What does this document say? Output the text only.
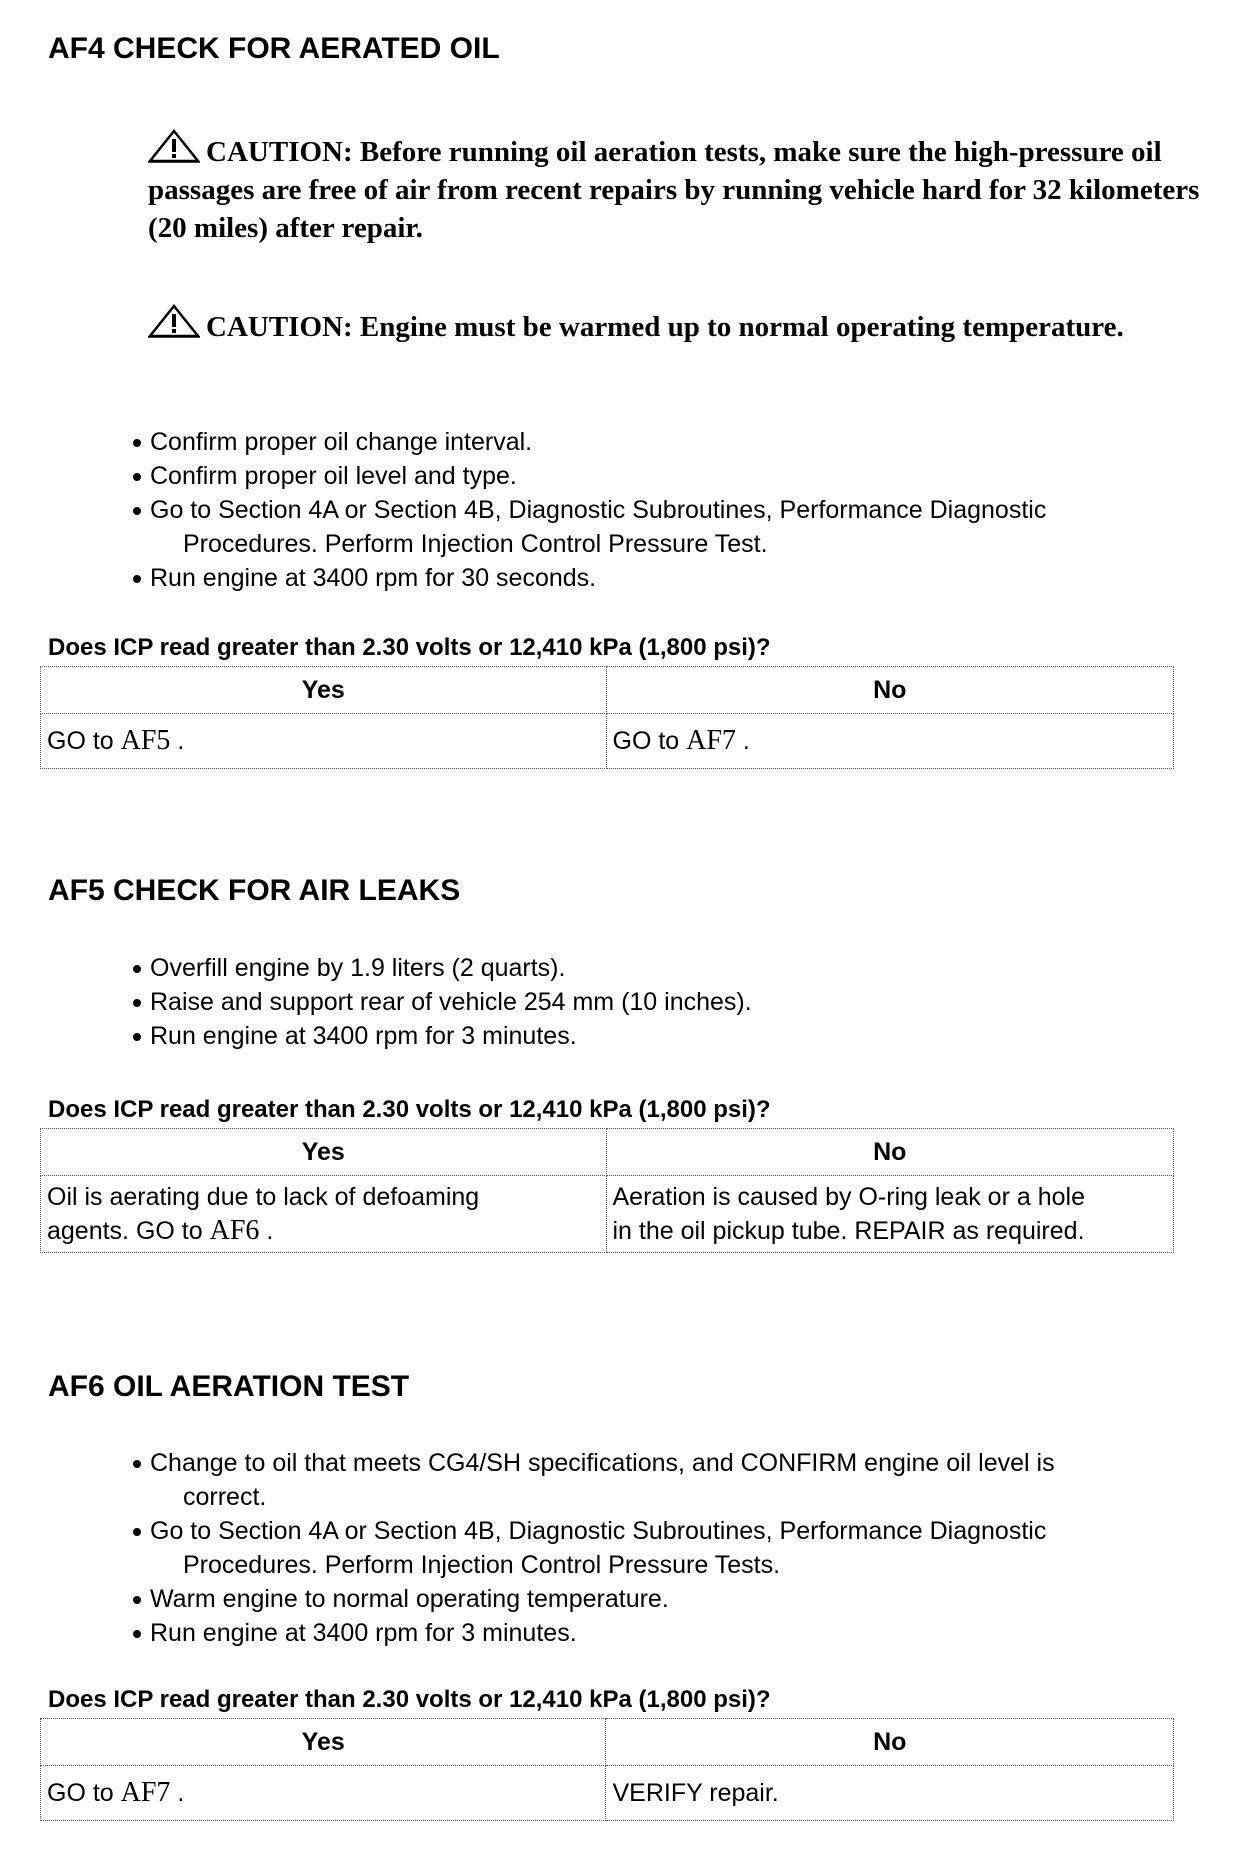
AF4 CHECK FOR AERATED OIL

CAUTION: Before running oil aeration tests, make sure the high-pressure oil passages are free of air from recent repairs by running vehicle hard for 32 kilometers (20 miles) after repair.

CAUTION: Engine must be warmed up to normal operating temperature.

Confirm proper oil change interval.
Confirm proper oil level and type.
Go to Section 4A or Section 4B, Diagnostic Subroutines, Performance Diagnostic
Procedures. Perform Injection Control Pressure Test.
Run engine at 3400 rpm for 30 seconds.

Does ICP read greater than 2.30 volts or 12,410 kPa (1,800 psi)?

Yes	No
GO to AF5 .	GO to AF7 .
AF5 CHECK FOR AIR LEAKS
Overfill engine by 1.9 liters (2 quarts).
Raise and support rear of vehicle 254 mm (10 inches).
Run engine at 3400 rpm for 3 minutes.

Does ICP read greater than 2.30 volts or 12,410 kPa (1,800 psi)?

Yes	No

Oil is aerating due to lack of defoaming
agents. GO to AF6 .	Aeration is caused by O-ring leak or a hole
in the oil pickup tube. REPAIR as required.
AF6 OIL AERATION TEST
Change to oil that meets CG4/SH specifications, and CONFIRM engine oil level is
correct.
Go to Section 4A or Section 4B, Diagnostic Subroutines, Performance Diagnostic
Procedures. Perform Injection Control Pressure Tests.
Warm engine to normal operating temperature.
Run engine at 3400 rpm for 3 minutes.

Does ICP read greater than 2.30 volts or 12,410 kPa (1,800 psi)?

Yes	No
GO to AF7 .	VERIFY repair.
